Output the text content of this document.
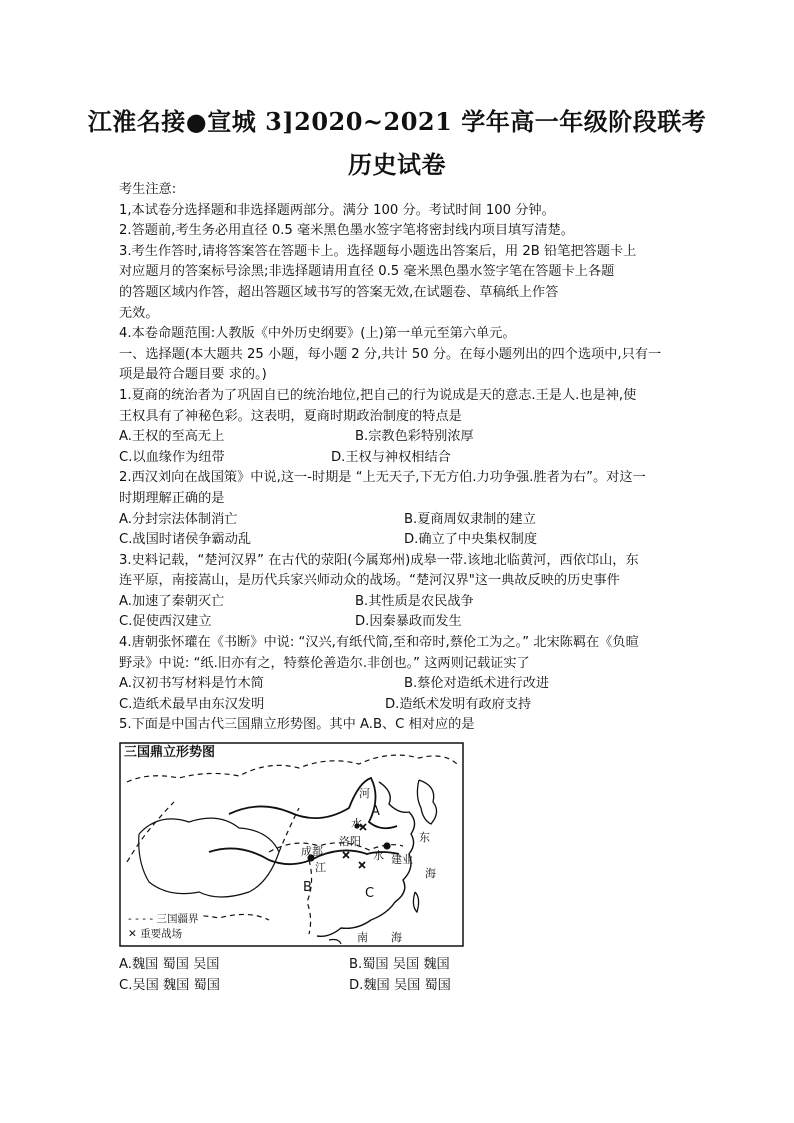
江淮名接●宣城 3]2020~2021 学年高一年级阶段联考
历史试卷
考生注意:
1,本试卷分选择题和非选择题两部分。满分 100 分。考试时间 100 分钟。
2.答题前,考生务必用直径 0.5 毫米黑色墨水签字笔将密封线内项目填写清楚。
3.考生作答时,请将答案答在答题卡上。选择题每小题选出答案后，用 2B 铅笔把答题卡上
对应题月的答案标号涂黑;非选择题请用直径 0.5 毫米黑色墨水签字笔在答题卡上各题
的答题区域内作答，超出答题区域书写的答案无效,在试题卷、草稿纸上作答
无效。
4.本卷命题范围:人教版《中外历史纲要》(上)第一单元至第六单元。
一、选择题(本大题共 25 小题，每小题 2 分,共计 50 分。在每小题列出的四个选项中,只有一
项是最符合题目要 求的。)
1.夏商的统治者为了巩固自已的统治地位,把自己的行为说成是天的意志.王是人.也是神,使
王权具有了神秘色彩。这表明，夏商时期政治制度的特点是
A.王权的至高无上	B.宗教色彩特别浓厚
C.以血缘作为纽带	D.王权与神权相结合
2.西汉刘向在战国策》中说,这一-时期是 “上无天子,下无方伯.力功争强.胜者为右”。对这一
时期理解正确的是
A.分封宗法体制消亡	B.夏商周奴隶制的建立
C.战国时诸侯争霸动乱	D.确立了中央集权制度
3.史料记载，“楚河汉界” 在古代的荥阳(今属郑州)成皋一带.该地北临黄河，西依邙山，东
连平原，南接嵩山，是历代兵家兴师动众的战场。“楚河汉界"这一典故反映的历史事件
A.加速了秦朝灭亡	B.其性质是农民战争
C.促使西汉建立	D.因秦暴政而发生
4.唐朝张怀瓘在《书断》中说: “汉兴,有纸代简,至和帝时,蔡伦工为之。” 北宋陈羁在《负暄
野录》中说: “纸.旧亦有之，特蔡伦善造尔.非创也。” 这两则记载证实了
A.汉初书写材料是竹木简	B.蔡伦对造纸术进行改进
C.造纸术最早由东汉发明	D.造纸术发明有政府支持
5.下面是中国古代三国鼎立形势图。其中 A.B、C 相对应的是
三国鼎立形势图
河
水
A
洛阳
成都
江
水 建业
B	C
东
海
南 海
- - - - 三国疆界
✕ 重要战场
A.魏国 蜀国 吴国	B.蜀国 吴国 魏国
C.吴国 魏国 蜀国	D.魏国 吴国 蜀国
